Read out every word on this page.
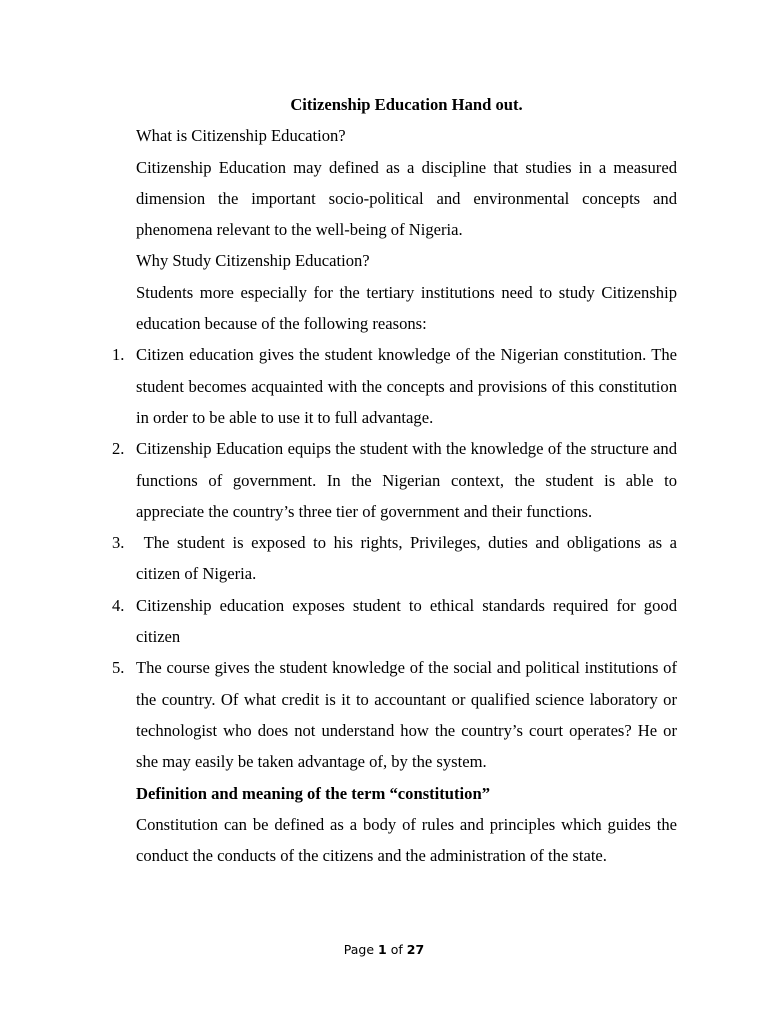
Citizenship Education Hand out.

What is Citizenship Education?

Citizenship Education may defined as a discipline that studies in a measured dimension the important socio-political and environmental concepts and phenomena relevant to the well-being of Nigeria.

Why Study Citizenship Education?

Students more especially for the tertiary institutions need to study Citizenship education because of the following reasons:

1. Citizen education gives the student knowledge of the Nigerian constitution. The student becomes acquainted with the concepts and provisions of this constitution in order to be able to use it to full advantage.
2. Citizenship Education equips the student with the knowledge of the structure and functions of government. In the Nigerian context, the student is able to appreciate the country’s three tier of government and their functions.
3. The student is exposed to his rights, Privileges, duties and obligations as a citizen of Nigeria.
4. Citizenship education exposes student to ethical standards required for good citizen
5. The course gives the student knowledge of the social and political institutions of the country. Of what credit is it to accountant or qualified science laboratory or technologist who does not understand how the country’s court operates? He or she may easily be taken advantage of, by the system.

Definition and meaning of the term “constitution”

Constitution can be defined as a body of rules and principles which guides the conduct the conducts of the citizens and the administration of the state.

Page 1 of 27
